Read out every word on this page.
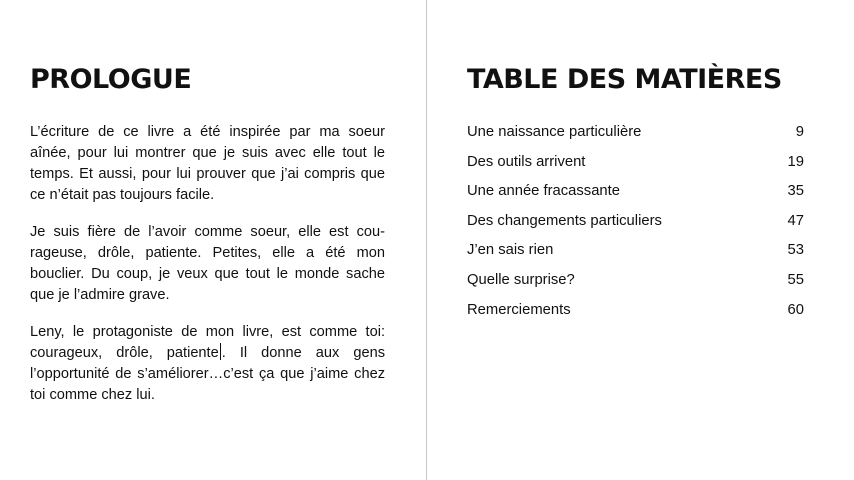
PROLOGUE

L’écriture de ce livre a été inspirée par ma soeur aînée, pour lui montrer que je suis avec elle tout le temps. Et aussi, pour lui prouver que j’ai compris que ce n’était pas toujours facile.

Je suis fière de l’avoir comme soeur, elle est courageuse, drôle, patiente. Petites, elle a été mon bouclier. Du coup, je veux que tout le monde sache que je l’admire grave.

Leny, le protagoniste de mon livre, est comme toi: courageux, drôle, patiente . Il donne aux gens l’opportunité de s’améliorer…c’est ça que j’aime chez toi comme chez lui.

TABLE DES MATIÈRES
Une naissance particulière	9
Des outils arrivent	19
Une année fracassante	35
Des changements particuliers	47
J’en sais rien	53
Quelle surprise?	55
Remerciements	60
